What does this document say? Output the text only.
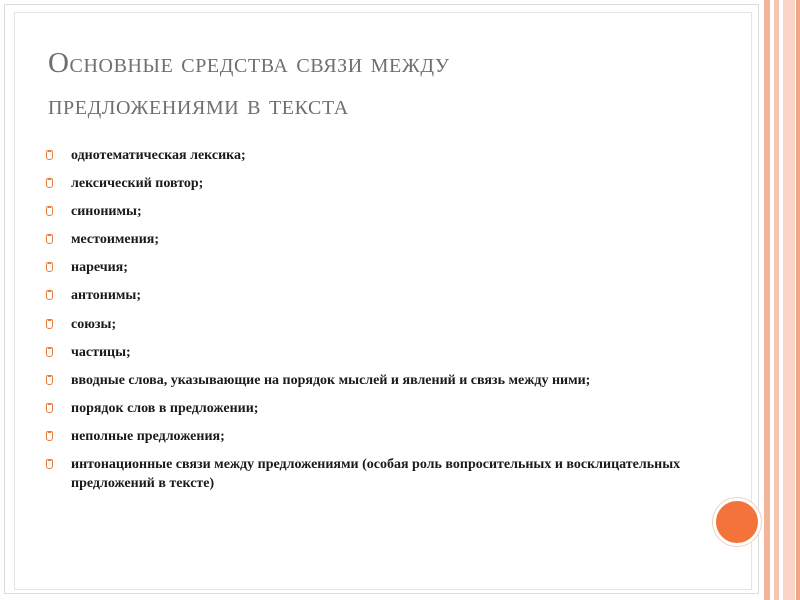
Основные средства связи между
предложениями в текста
однотематическая лексика;
лексический повтор;
синонимы;
местоимения;
наречия;
антонимы;
союзы;
частицы;
вводные слова, указывающие на порядок мыслей и явлений и связь между ними;
порядок слов в предложении;
неполные предложения;
интонационные связи между предложениями (особая роль вопросительных и восклицательных предложений в тексте)
